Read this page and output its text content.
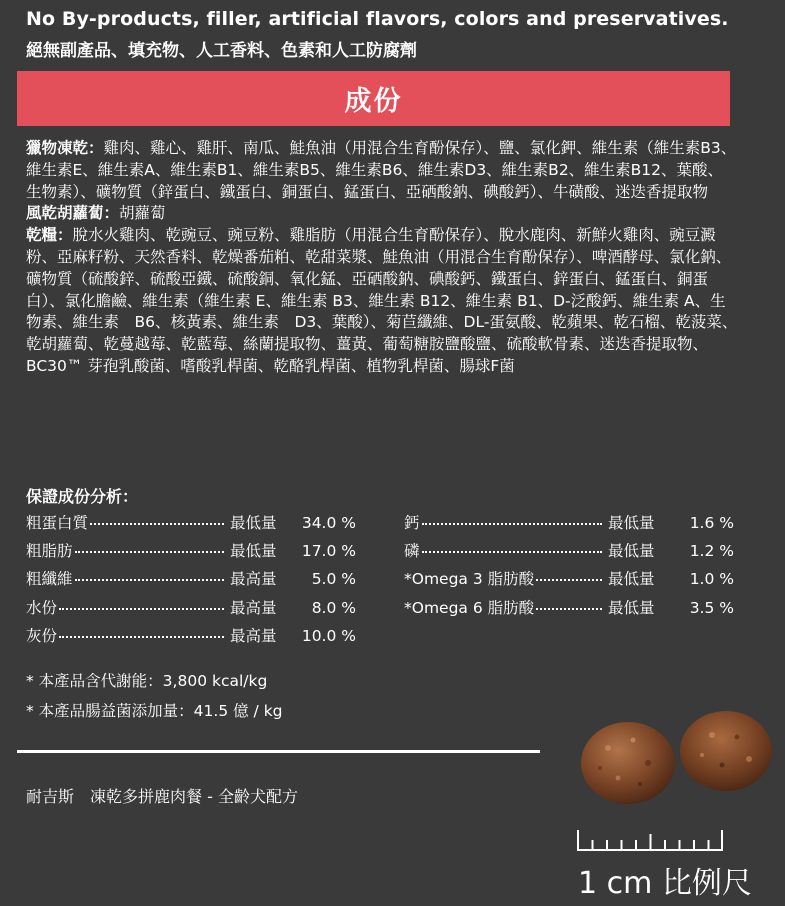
No By-products, filler, artificial flavors, colors and preservatives.
絕無副產品、填充物、人工香料、色素和人工防腐劑
成份

獵物凍乾：雞肉、雞心、雞肝、南瓜、鮭魚油（用混合生育酚保存）、鹽、氯化鉀、維生素（維生素B3、維生素E、維生素A、維生素B1、維生素B5、維生素B6、維生素D3、維生素B2、維生素B12、葉酸、生物素）、礦物質（鋅蛋白、鐵蛋白、銅蛋白、錳蛋白、亞硒酸鈉、碘酸鈣）、牛磺酸、迷迭香提取物

風乾胡蘿蔔：胡蘿蔔

乾糧：脫水火雞肉、乾豌豆、豌豆粉、雞脂肪（用混合生育酚保存）、脫水鹿肉、新鮮火雞肉、豌豆澱粉、亞麻籽粉、天然香料、乾燥番茄粕、乾甜菜漿、鮭魚油（用混合生育酚保存）、啤酒酵母、氯化鈉、礦物質（硫酸鋅、硫酸亞鐵、硫酸銅、氧化錳、亞硒酸鈉、碘酸鈣、鐵蛋白、鋅蛋白、錳蛋白、銅蛋白）、氯化膽鹼、維生素（維生素 E、維生素 B3、維生素 B12、維生素 B1、D-泛酸鈣、維生素 A、生物素、維生素　B6、核黃素、維生素　D3、葉酸）、菊苣纖維、DL-蛋氨酸、乾蘋果、乾石榴、乾菠菜、乾胡蘿蔔、乾蔓越莓、乾藍莓、絲蘭提取物、薑黃、葡萄糖胺鹽酸鹽、硫酸軟骨素、迷迭香提取物、BC30™ 芽孢乳酸菌、嗜酸乳桿菌、乾酪乳桿菌、植物乳桿菌、腸球F菌

保證成份分析：
粗蛋白質	最低量	34.0 %
粗脂肪	最低量	17.0 %
粗纖維	最高量	5.0 %
水份	最高量	8.0 %
灰份	最高量	10.0 %
鈣	最低量	1.6 %
磷	最低量	1.2 %
*Omega 3 脂肪酸	最低量	1.0 %
*Omega 6 脂肪酸	最低量	3.5 %
* 本產品含代謝能：3,800 kcal/kg
* 本產品腸益菌添加量：41.5 億 / kg
耐吉斯　凍乾多拼鹿肉餐 - 全齡犬配方
1 cm 比例尺
